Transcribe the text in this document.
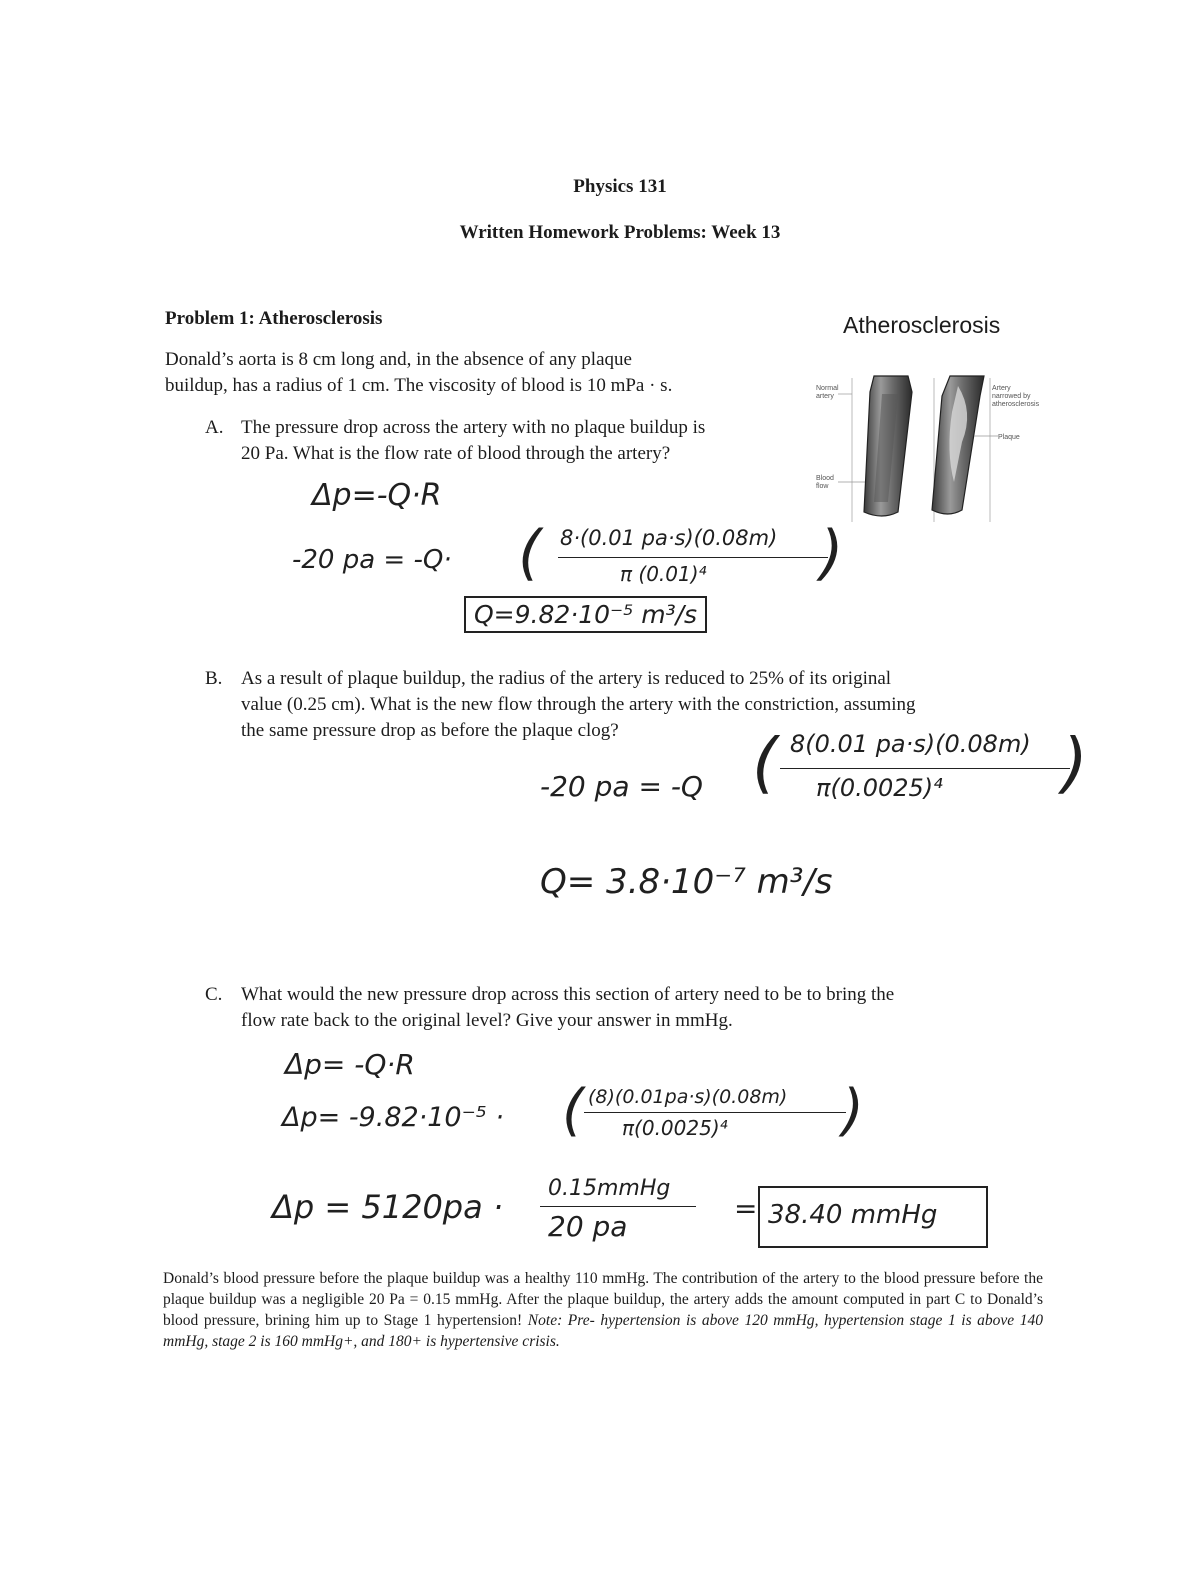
Physics 131
Written Homework Problems: Week 13
Problem 1: Atherosclerosis	Atherosclerosis
Donald’s aorta is 8 cm long and, in the absence of any plaque
buildup, has a radius of 1 cm. The viscosity of blood is 10 mPa · s.	Normal
artery
Blood
flow
Artery
narrowed by
atherosclerosis
Plaque
A. The pressure drop across the artery with no plaque buildup is
20 Pa. What is the flow rate of blood through the artery?
Δp=-Q·R
-20 pa = -Q·
8·(0.01 pa·s)(0.08m)
π (0.01)⁴
(	)
Q=9.82·10⁻⁵ m³/s
B. As a result of plaque buildup, the radius of the artery is reduced to 25% of its original
value (0.25 cm). What is the new flow through the artery with the constriction, assuming
the same pressure drop as before the plaque clog?
-20 pa = -Q
8(0.01 pa·s)(0.08m)
π(0.0025)⁴
(	)
Q= 3.8·10⁻⁷ m³/s
C. What would the new pressure drop across this section of artery need to be to bring the
flow rate back to the original level? Give your answer in mmHg.
Δp= -Q·R
Δp= -9.82·10⁻⁵ ·
(8)(0.01pa·s)(0.08m)
π(0.0025)⁴
(	)
Δp = 5120pa · 0.15mmHg
20 pa
= 38.40 mmHg
Donald’s blood pressure before the plaque buildup was a healthy 110 mmHg. The contribution of the artery to the blood pressure before the plaque buildup was a negligible 20 Pa = 0.15 mmHg. After the plaque buildup, the artery adds the amount computed in part C to Donald’s blood pressure, brining him up to Stage 1 hypertension! Note: Pre- hypertension is above 120 mmHg, hypertension stage 1 is above 140 mmHg, stage 2 is 160 mmHg+, and 180+ is hypertensive crisis.
